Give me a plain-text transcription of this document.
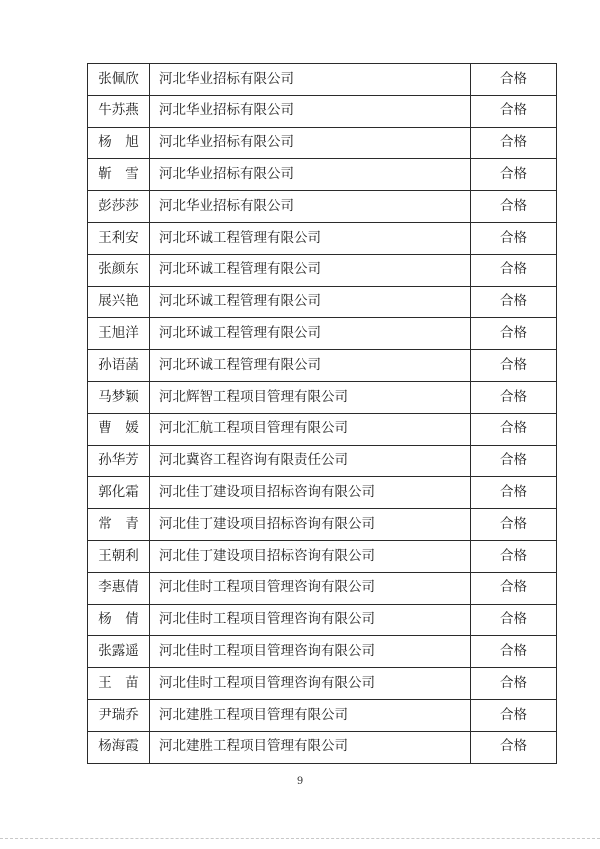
张佩欣	河北华业招标有限公司	合格
牛苏燕	河北华业招标有限公司	合格
杨　旭	河北华业招标有限公司	合格
靳　雪	河北华业招标有限公司	合格
彭莎莎	河北华业招标有限公司	合格
王利安	河北环诚工程管理有限公司	合格
张颜东	河北环诚工程管理有限公司	合格
展兴艳	河北环诚工程管理有限公司	合格
王旭洋	河北环诚工程管理有限公司	合格
孙语菡	河北环诚工程管理有限公司	合格
马梦颖	河北辉智工程项目管理有限公司	合格
曹　媛	河北汇航工程项目管理有限公司	合格
孙华芳	河北冀咨工程咨询有限责任公司	合格
郭化霜	河北佳丁建设项目招标咨询有限公司	合格
常　青	河北佳丁建设项目招标咨询有限公司	合格
王朝利	河北佳丁建设项目招标咨询有限公司	合格
李惠倩	河北佳时工程项目管理咨询有限公司	合格
杨　倩	河北佳时工程项目管理咨询有限公司	合格
张露遥	河北佳时工程项目管理咨询有限公司	合格
王　苗	河北佳时工程项目管理咨询有限公司	合格
尹瑞乔	河北建胜工程项目管理有限公司	合格
杨海霞	河北建胜工程项目管理有限公司	合格
9
